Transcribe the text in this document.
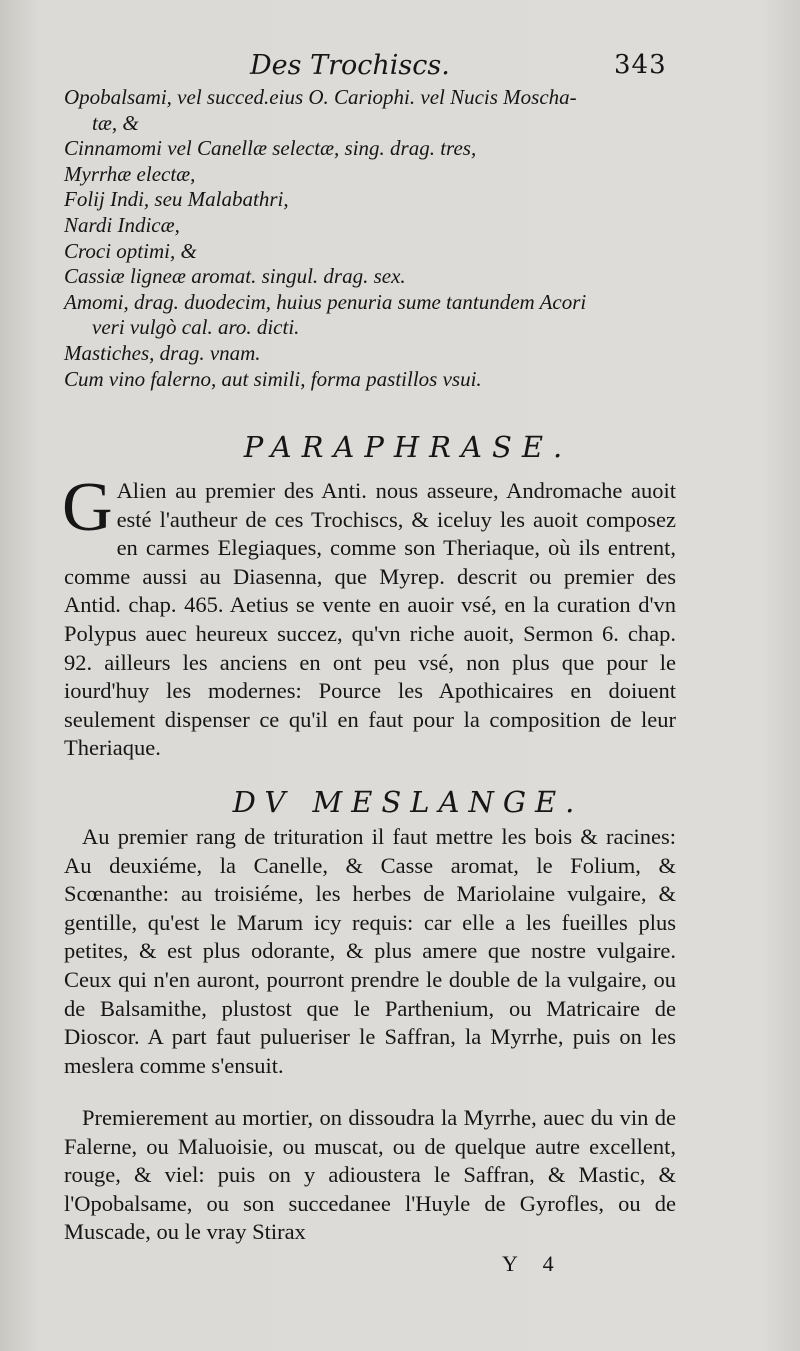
Des Trochiscs.	343
Opobalsami, vel succed.eius O. Cariophi. vel Nucis Moscha-
tæ, &
Cinnamomi vel Canellæ selectæ, sing. drag. tres,
Myrrhæ electæ,
Folij Indi, seu Malabathri,
Nardi Indicæ,
Croci optimi, &
Cassiæ ligneæ aromat. singul. drag. sex.
Amomi, drag. duodecim, huius penuria sume tantundem Acori
veri vulgò cal. aro. dicti.
Mastiches, drag. vnam.
Cum vino falerno, aut simili, forma pastillos vsui.
PARAPHRASE.
G Alien au premier des Anti. nous asseure, Andromache auoit esté l'autheur de ces Trochiscs, & iceluy les auoit composez en carmes Elegiaques, comme son Theriaque, où ils entrent, comme aussi au Diasenna, que Myrep. descrit ou premier des Antid. chap. 465. Aetius se vente en auoir vsé, en la curation d'vn Polypus auec heureux succez, qu'vn riche auoit, Sermon 6. chap. 92. ailleurs les anciens en ont peu vsé, non plus que pour le iourd'huy les modernes: Pource les Apothicaires en doiuent seulement dispenser ce qu'il en faut pour la composition de leur Theriaque.
DV MESLANGE.
Au premier rang de trituration il faut mettre les bois & racines: Au deuxiéme, la Canelle, & Casse aromat, le Folium, & Scœnanthe: au troisiéme, les herbes de Mariolaine vulgaire, & gentille, qu'est le Marum icy requis: car elle a les fueilles plus petites, & est plus odorante, & plus amere que nostre vulgaire. Ceux qui n'en auront, pourront prendre le double de la vulgaire, ou de Balsamithe, plustost que le Parthenium, ou Matricaire de Dioscor. A part faut pulueriser le Saffran, la Myrrhe, puis on les meslera comme s'ensuit.
Premierement au mortier, on dissoudra la Myrrhe, auec du vin de Falerne, ou Maluoisie, ou muscat, ou de quelque autre excellent, rouge, & viel: puis on y adioustera le Saffran, & Mastic, & l'Opobalsame, ou son succedanee l'Huyle de Gyrofles, ou de Muscade, ou le vray Stirax
Y 4
